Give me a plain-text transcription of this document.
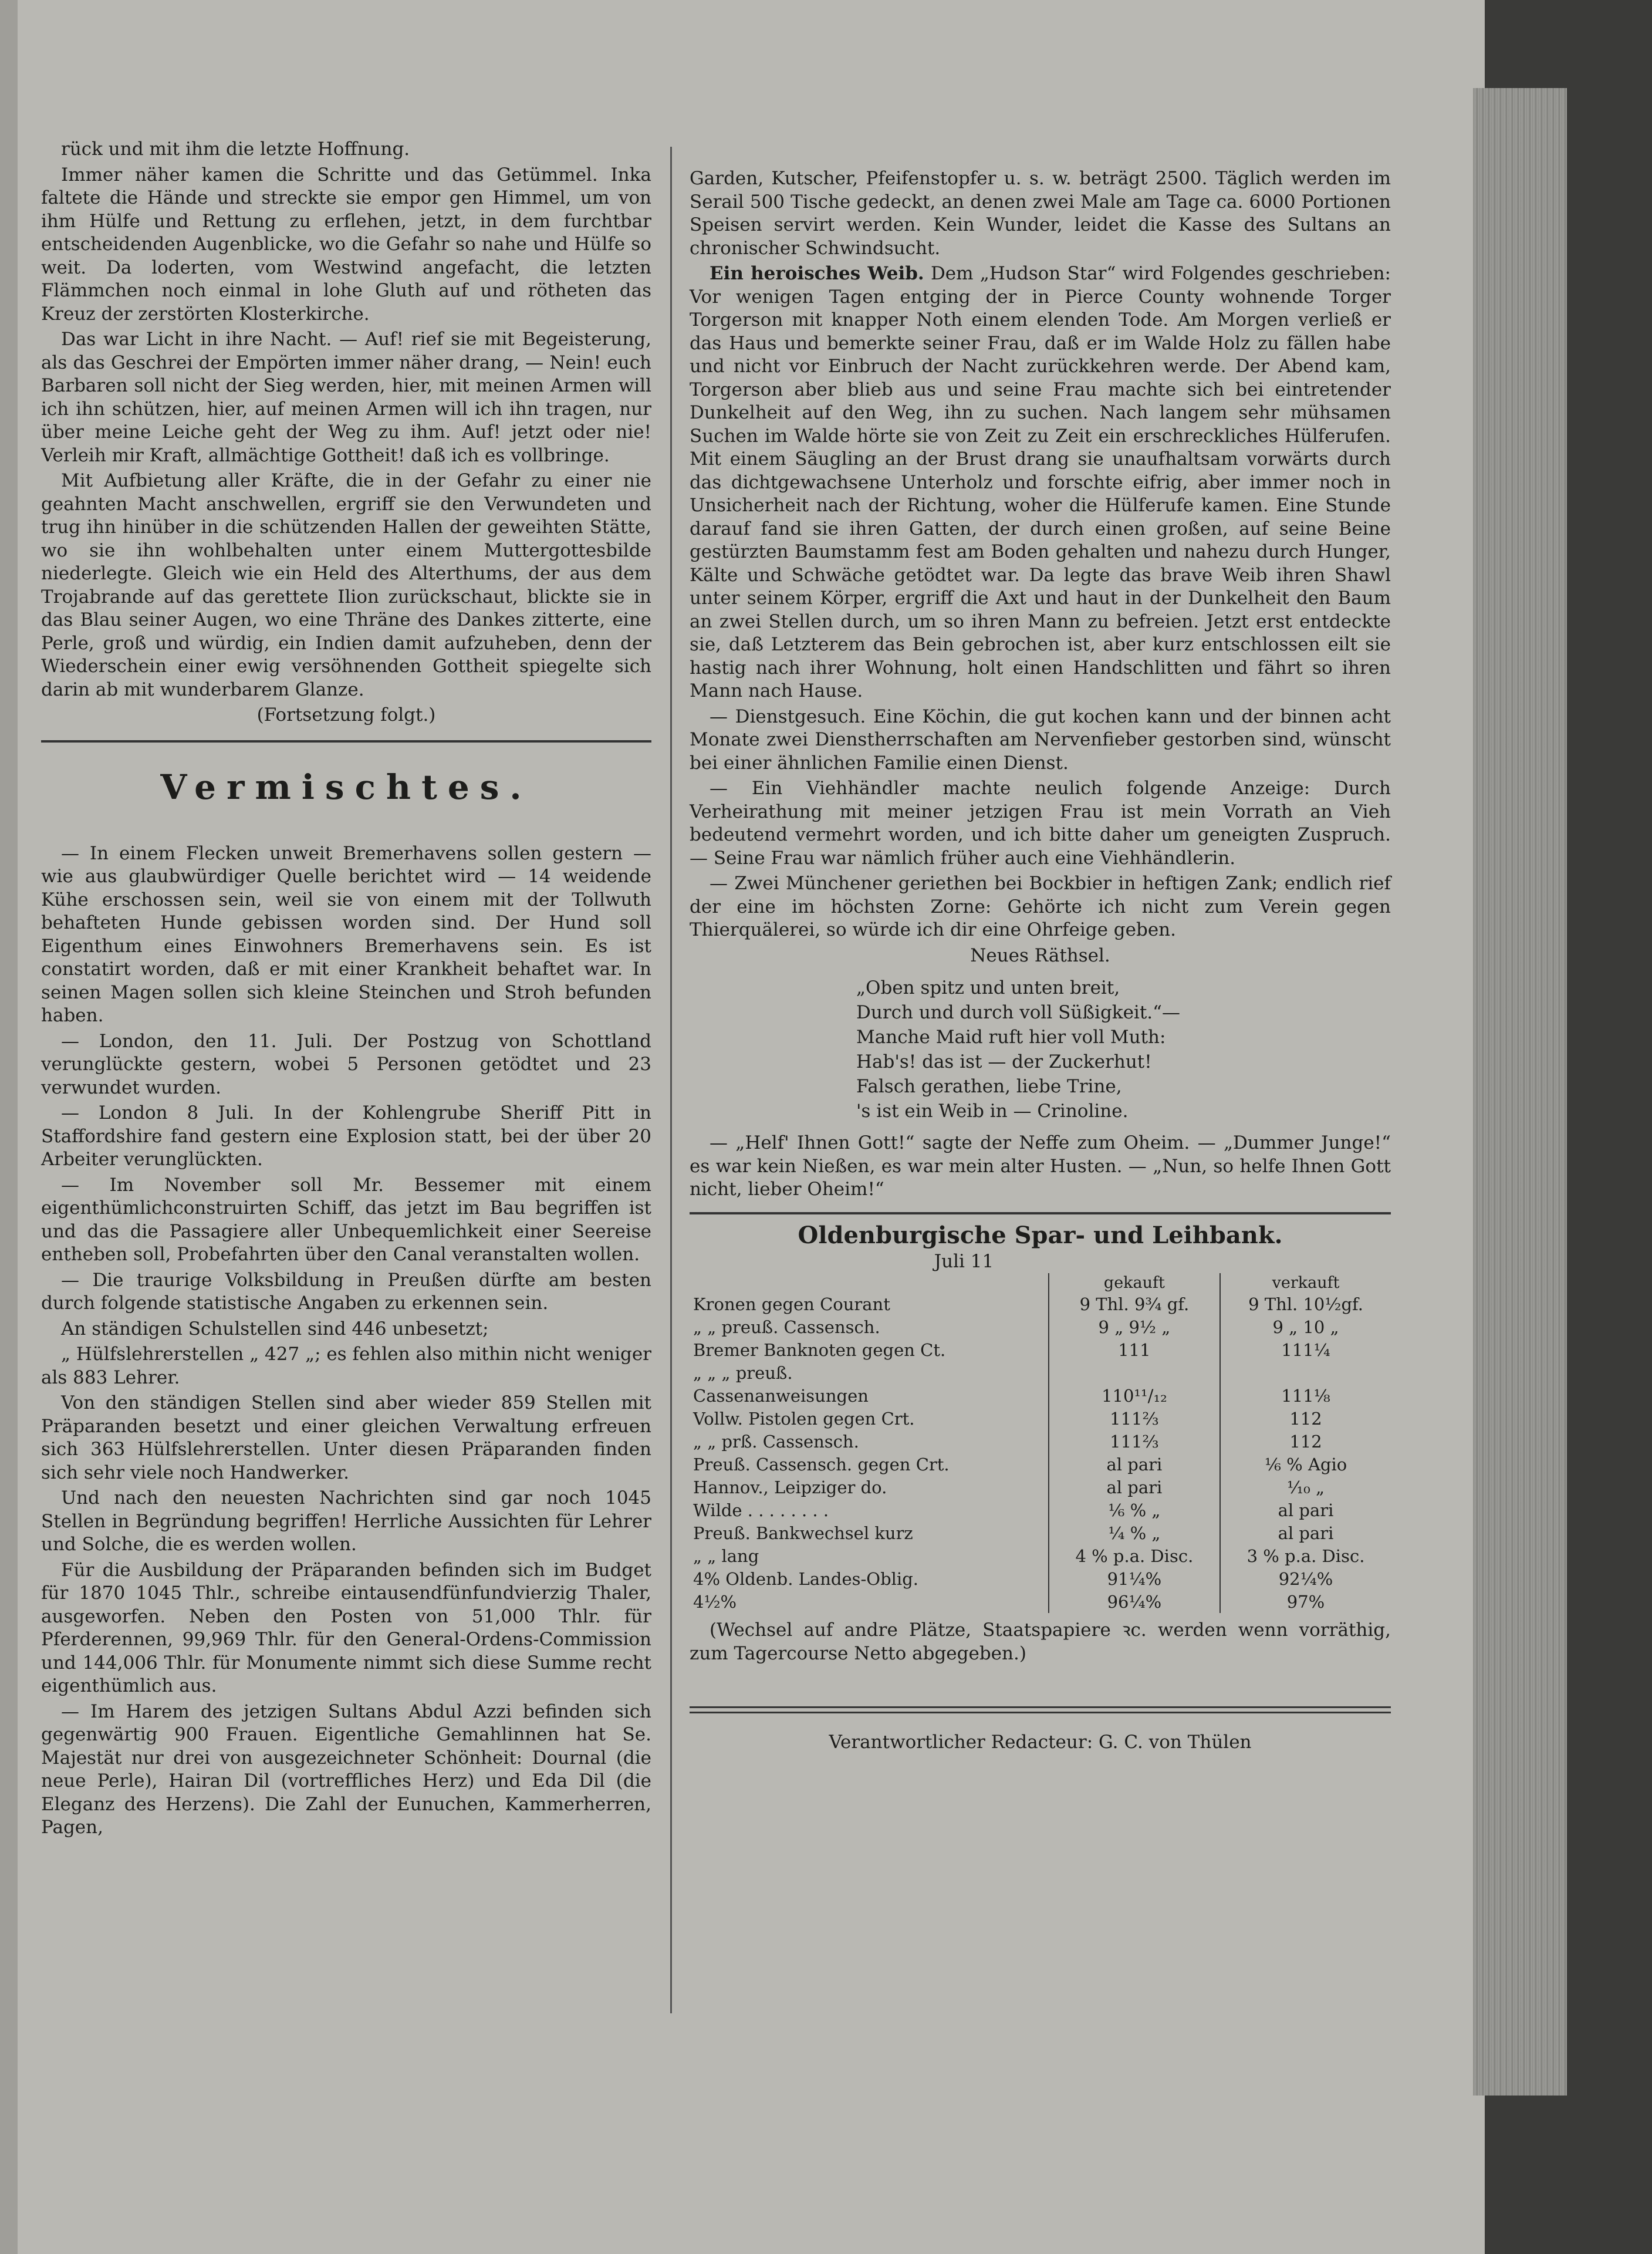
rück und mit ihm die letzte Hoffnung.

Immer näher kamen die Schritte und das Getümmel. Inka faltete die Hände und streckte sie empor gen Himmel, um von ihm Hülfe und Rettung zu erflehen, jetzt, in dem furchtbar entscheidenden Augenblicke, wo die Gefahr so nahe und Hülfe so weit. Da loderten, vom Westwind angefacht, die letzten Flämmchen noch einmal in lohe Gluth auf und rötheten das Kreuz der zerstörten Klosterkirche.

Das war Licht in ihre Nacht. — Auf! rief sie mit Begeisterung, als das Geschrei der Empörten immer näher drang, — Nein! euch Barbaren soll nicht der Sieg werden, hier, mit meinen Armen will ich ihn schützen, hier, auf meinen Armen will ich ihn tragen, nur über meine Leiche geht der Weg zu ihm. Auf! jetzt oder nie! Verleih mir Kraft, allmächtige Gottheit! daß ich es vollbringe.

Mit Aufbietung aller Kräfte, die in der Gefahr zu einer nie geahnten Macht anschwellen, ergriff sie den Verwundeten und trug ihn hinüber in die schützenden Hallen der geweihten Stätte, wo sie ihn wohlbehalten unter einem Muttergottesbilde niederlegte. Gleich wie ein Held des Alterthums, der aus dem Trojabrande auf das gerettete Ilion zurückschaut, blickte sie in das Blau seiner Augen, wo eine Thräne des Dankes zitterte, eine Perle, groß und würdig, ein Indien damit aufzuheben, denn der Wiederschein einer ewig versöhnenden Gottheit spiegelte sich darin ab mit wunderbarem Glanze.

(Fortsetzung folgt.)

Vermischtes.

— In einem Flecken unweit Bremerhavens sollen gestern — wie aus glaubwürdiger Quelle berichtet wird — 14 weidende Kühe erschossen sein, weil sie von einem mit der Tollwuth behafteten Hunde gebissen worden sind. Der Hund soll Eigenthum eines Einwohners Bremerhavens sein. Es ist constatirt worden, daß er mit einer Krankheit behaftet war. In seinen Magen sollen sich kleine Steinchen und Stroh befunden haben.

— London, den 11. Juli. Der Postzug von Schottland verunglückte gestern, wobei 5 Personen getödtet und 23 verwundet wurden.

— London 8 Juli. In der Kohlengrube Sheriff Pitt in Staffordshire fand gestern eine Explosion statt, bei der über 20 Arbeiter verunglückten.

— Im November soll Mr. Bessemer mit einem eigenthümlichconstruirten Schiff, das jetzt im Bau begriffen ist und das die Passagiere aller Unbequemlichkeit einer Seereise entheben soll, Probefahrten über den Canal veranstalten wollen.

— Die traurige Volksbildung in Preußen dürfte am besten durch folgende statistische Angaben zu erkennen sein.

An ständigen Schulstellen sind 446 unbesetzt;

„ Hülfslehrerstellen „ 427 „; es fehlen also mithin nicht weniger als 883 Lehrer.

Von den ständigen Stellen sind aber wieder 859 Stellen mit Präparanden besetzt und einer gleichen Verwaltung erfreuen sich 363 Hülfslehrerstellen. Unter diesen Präparanden finden sich sehr viele noch Handwerker.

Und nach den neuesten Nachrichten sind gar noch 1045 Stellen in Begründung begriffen! Herrliche Aussichten für Lehrer und Solche, die es werden wollen.

Für die Ausbildung der Präparanden befinden sich im Budget für 1870 1045 Thlr., schreibe eintausendfünfundvierzig Thaler, ausgeworfen. Neben den Posten von 51,000 Thlr. für Pferderennen, 99,969 Thlr. für den General-Ordens-Commission und 144,006 Thlr. für Monumente nimmt sich diese Summe recht eigenthümlich aus.

— Im Harem des jetzigen Sultans Abdul Azzi befinden sich gegenwärtig 900 Frauen. Eigentliche Gemahlinnen hat Se. Majestät nur drei von ausgezeichneter Schönheit: Dournal (die neue Perle), Hairan Dil (vortreffliches Herz) und Eda Dil (die Eleganz des Herzens). Die Zahl der Eunuchen, Kammerherren, Pagen,

Garden, Kutscher, Pfeifenstopfer u. s. w. beträgt 2500. Täglich werden im Serail 500 Tische gedeckt, an denen zwei Male am Tage ca. 6000 Portionen Speisen servirt werden. Kein Wunder, leidet die Kasse des Sultans an chronischer Schwindsucht.

Ein heroisches Weib. Dem „Hudson Star“ wird Folgendes geschrieben: Vor wenigen Tagen entging der in Pierce County wohnende Torger Torgerson mit knapper Noth einem elenden Tode. Am Morgen verließ er das Haus und bemerkte seiner Frau, daß er im Walde Holz zu fällen habe und nicht vor Einbruch der Nacht zurückkehren werde. Der Abend kam, Torgerson aber blieb aus und seine Frau machte sich bei eintretender Dunkelheit auf den Weg, ihn zu suchen. Nach langem sehr mühsamen Suchen im Walde hörte sie von Zeit zu Zeit ein erschreckliches Hülferufen. Mit einem Säugling an der Brust drang sie unaufhaltsam vorwärts durch das dichtgewachsene Unterholz und forschte eifrig, aber immer noch in Unsicherheit nach der Richtung, woher die Hülferufe kamen. Eine Stunde darauf fand sie ihren Gatten, der durch einen großen, auf seine Beine gestürzten Baumstamm fest am Boden gehalten und nahezu durch Hunger, Kälte und Schwäche getödtet war. Da legte das brave Weib ihren Shawl unter seinem Körper, ergriff die Axt und haut in der Dunkelheit den Baum an zwei Stellen durch, um so ihren Mann zu befreien. Jetzt erst entdeckte sie, daß Letzterem das Bein gebrochen ist, aber kurz entschlossen eilt sie hastig nach ihrer Wohnung, holt einen Handschlitten und fährt so ihren Mann nach Hause.

— Dienstgesuch. Eine Köchin, die gut kochen kann und der binnen acht Monate zwei Dienstherrschaften am Nervenfieber gestorben sind, wünscht bei einer ähnlichen Familie einen Dienst.

— Ein Viehhändler machte neulich folgende Anzeige: Durch Verheirathung mit meiner jetzigen Frau ist mein Vorrath an Vieh bedeutend vermehrt worden, und ich bitte daher um geneigten Zuspruch. — Seine Frau war nämlich früher auch eine Viehhändlerin.

— Zwei Münchener geriethen bei Bockbier in heftigen Zank; endlich rief der eine im höchsten Zorne: Gehörte ich nicht zum Verein gegen Thierquälerei, so würde ich dir eine Ohrfeige geben.

Neues Räthsel.

„Oben spitz und unten breit,

Durch und durch voll Süßigkeit.“—

Manche Maid ruft hier voll Muth:

Hab's! das ist — der Zuckerhut!

Falsch gerathen, liebe Trine,

's ist ein Weib in — Crinoline.

— „Helf' Ihnen Gott!“ sagte der Neffe zum Oheim. — „Dummer Junge!“ es war kein Nießen, es war mein alter Husten. — „Nun, so helfe Ihnen Gott nicht, lieber Oheim!“

Oldenburgische Spar- und Leihbank.

Juli 11

	gekauft	verkauft
Kronen gegen Courant	9 Thl. 9¾ gf.	9 Thl. 10½gf.
„ „ preuß. Cassensch.	9 „ 9½ „	9 „ 10 „
Bremer Banknoten gegen Ct.	111	111¼
„ „ „ preuß.		
Cassenanweisungen	110¹¹/₁₂	111⅛
Vollw. Pistolen gegen Crt.	111⅔	112
„ „ prß. Cassensch.	111⅔	112
Preuß. Cassensch. gegen Crt.	al pari	⅙ % Agio
Hannov., Leipziger do.	al pari	¹⁄₁₀ „
Wilde . . . . . . . .	⅙ % „	al pari
Preuß. Bankwechsel kurz	¼ % „	al pari
„ „ lang	4 % p.a. Disc.	3 % p.a. Disc.
4% Oldenb. Landes-Oblig.	91¼%	92¼%
4½%	96¼%	97%

(Wechsel auf andre Plätze, Staatspapiere ꝛc. werden wenn vorräthig, zum Tagercourse Netto abgegeben.)

Verantwortlicher Redacteur: G. C. von Thülen
